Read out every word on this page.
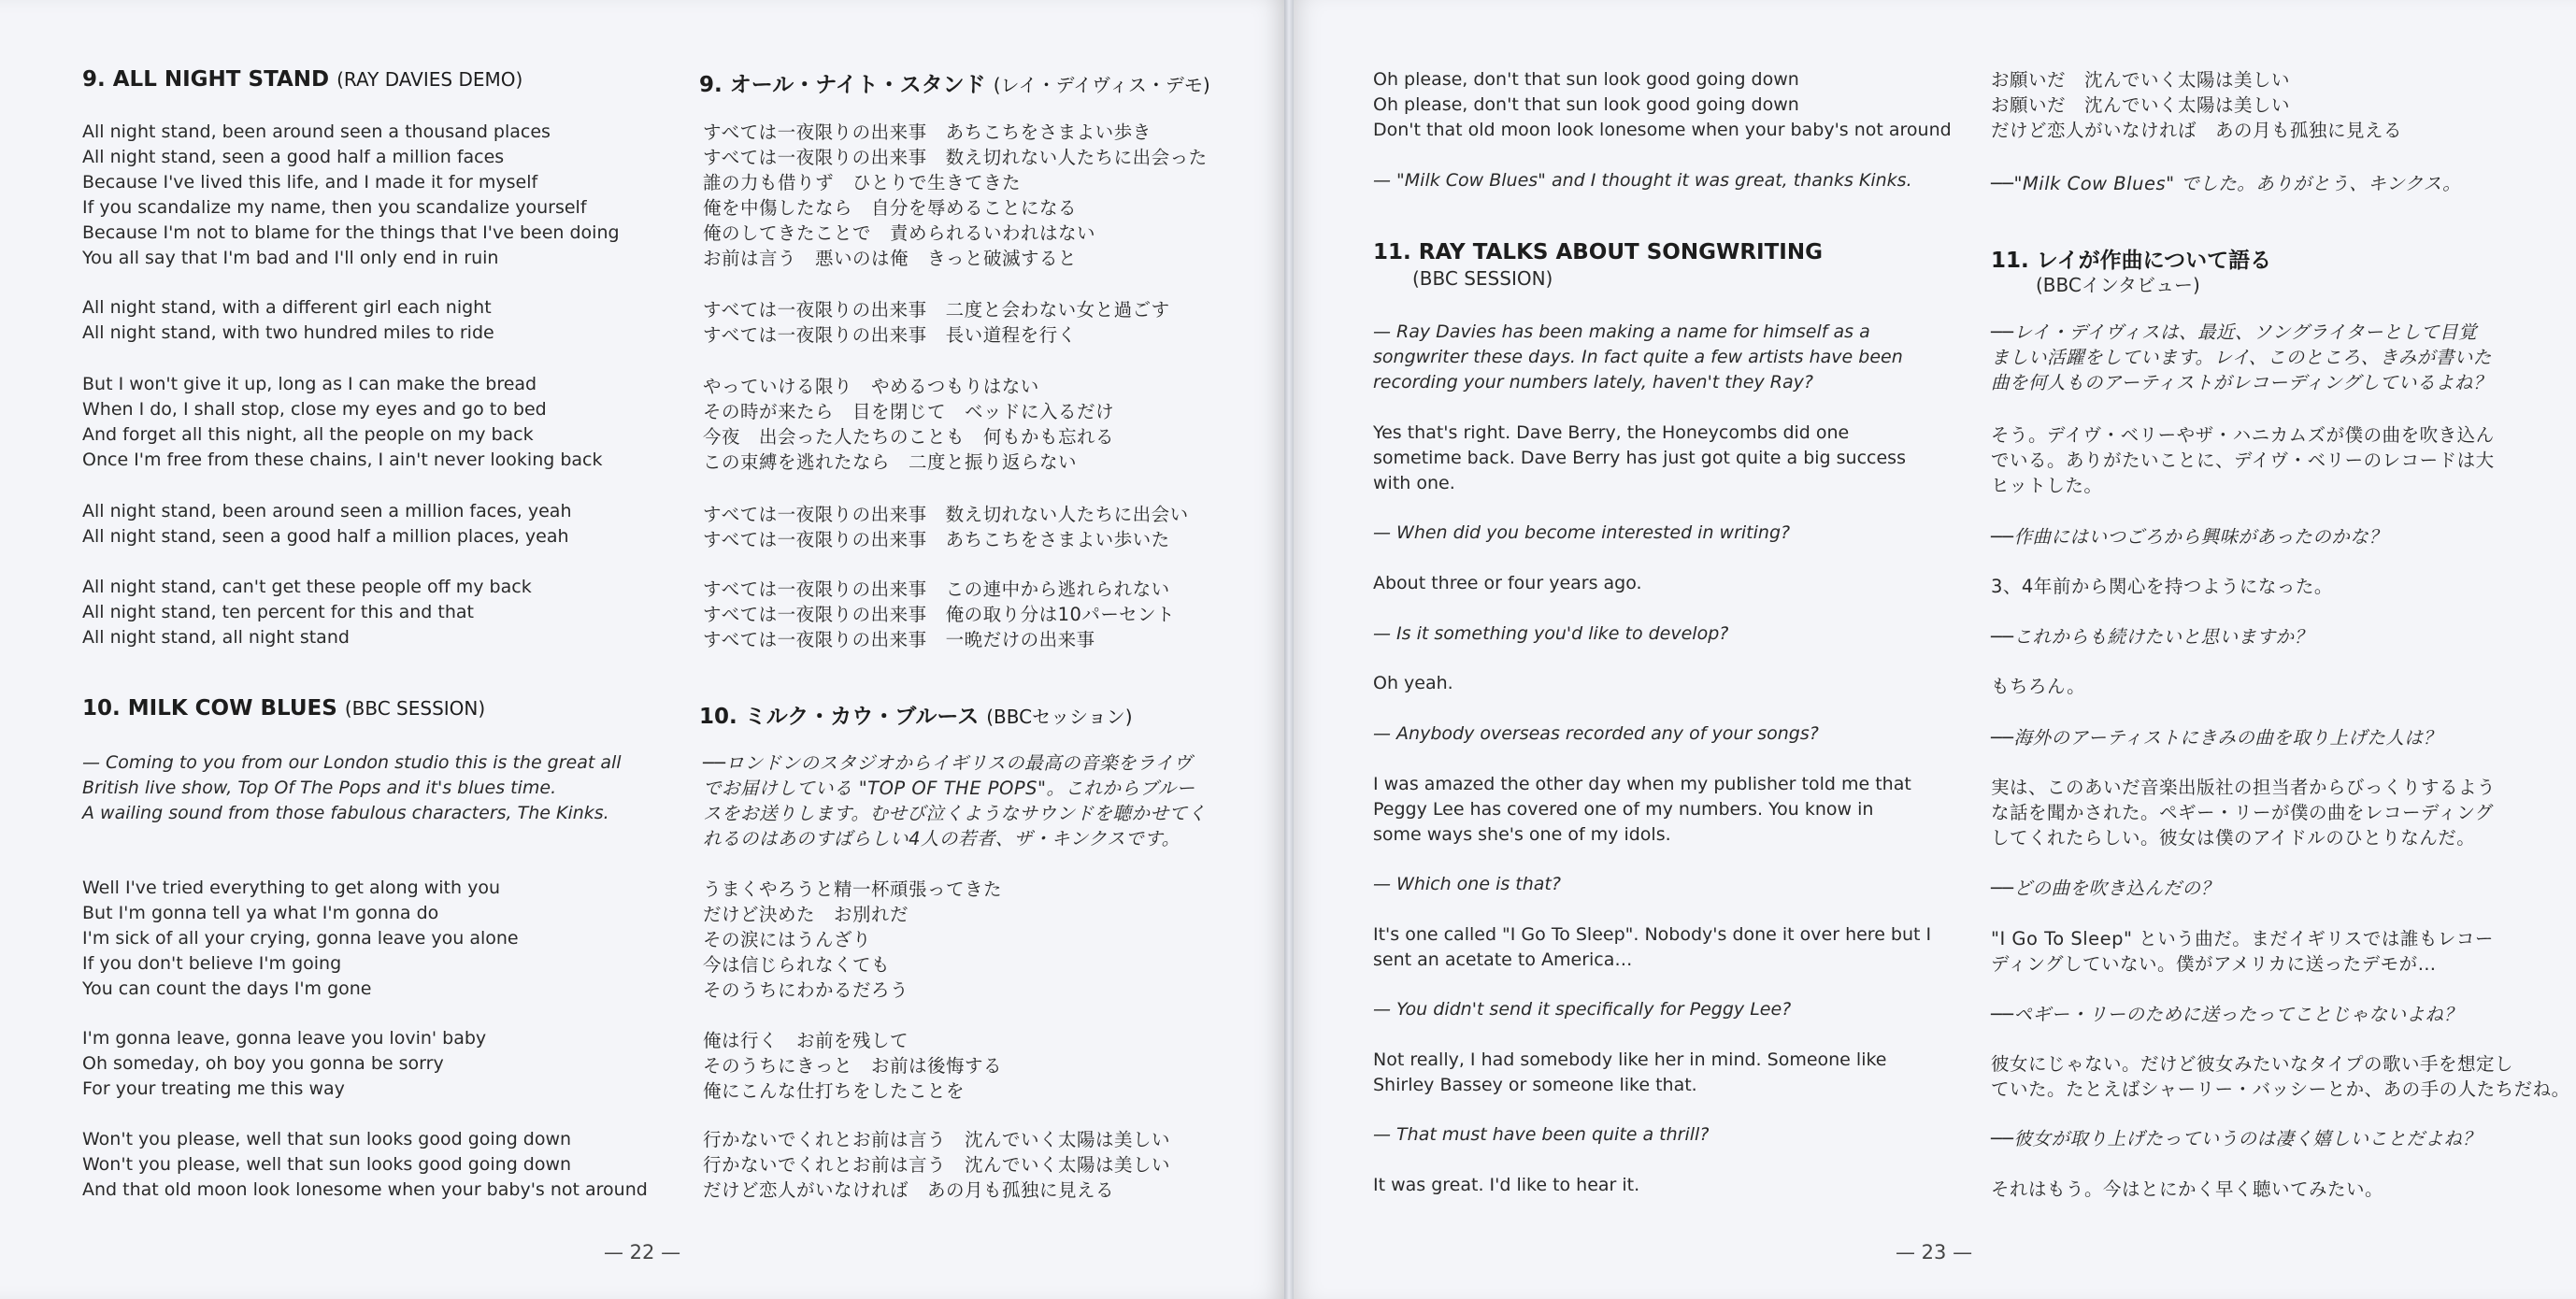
9. ALL NIGHT STAND (RAY DAVIES DEMO)
All night stand, been around seen a thousand places
All night stand, seen a good half a million faces
Because I've lived this life, and I made it for myself
If you scandalize my name, then you scandalize yourself
Because I'm not to blame for the things that I've been doing
You all say that I'm bad and I'll only end in ruin
All night stand, with a different girl each night
All night stand, with two hundred miles to ride
But I won't give it up, long as I can make the bread
When I do, I shall stop, close my eyes and go to bed
And forget all this night, all the people on my back
Once I'm free from these chains, I ain't never looking back
All night stand, been around seen a million faces, yeah
All night stand, seen a good half a million places, yeah
All night stand, can't get these people off my back
All night stand, ten percent for this and that
All night stand, all night stand
10. MILK COW BLUES (BBC SESSION)
— Coming to you from our London studio this is the great all
British live show, Top Of The Pops and it's blues time.
A wailing sound from those fabulous characters, The Kinks.
Well I've tried everything to get along with you
But I'm gonna tell ya what I'm gonna do
I'm sick of all your crying, gonna leave you alone
If you don't believe I'm going
You can count the days I'm gone
I'm gonna leave, gonna leave you lovin' baby
Oh someday, oh boy you gonna be sorry
For your treating me this way
Won't you please, well that sun looks good going down
Won't you please, well that sun looks good going down
And that old moon look lonesome when your baby's not around
9. オール・ナイト・スタンド (レイ・デイヴィス・デモ)
すべては一夜限りの出来事　あちこちをさまよい歩き
すべては一夜限りの出来事　数え切れない人たちに出会った
誰の力も借りず　ひとりで生きてきた
俺を中傷したなら　自分を辱めることになる
俺のしてきたことで　責められるいわれはない
お前は言う　悪いのは俺　きっと破滅すると
すべては一夜限りの出来事　二度と会わない女と過ごす
すべては一夜限りの出来事　長い道程を行く
やっていける限り　やめるつもりはない
その時が来たら　目を閉じて　ベッドに入るだけ
今夜　出会った人たちのことも　何もかも忘れる
この束縛を逃れたなら　二度と振り返らない
すべては一夜限りの出来事　数え切れない人たちに出会い
すべては一夜限りの出来事　あちこちをさまよい歩いた
すべては一夜限りの出来事　この連中から逃れられない
すべては一夜限りの出来事　俺の取り分は10パーセント
すべては一夜限りの出来事　一晩だけの出来事
10. ミルク・カウ・ブルース (BBCセッション)
──ロンドンのスタジオからイギリスの最高の音楽をライヴ
でお届けしている "TOP OF THE POPS"。これからブルー
スをお送りします。むせび泣くようなサウンドを聴かせてく
れるのはあのすばらしい4人の若者、ザ・キンクスです。
うまくやろうと精一杯頑張ってきた
だけど決めた　お別れだ
その涙にはうんざり
今は信じられなくても
そのうちにわかるだろう
俺は行く　お前を残して
そのうちにきっと　お前は後悔する
俺にこんな仕打ちをしたことを
行かないでくれとお前は言う　沈んでいく太陽は美しい
行かないでくれとお前は言う　沈んでいく太陽は美しい
だけど恋人がいなければ　あの月も孤独に見える
— 22 —
Oh please, don't that sun look good going down
Oh please, don't that sun look good going down
Don't that old moon look lonesome when your baby's not around
— "Milk Cow Blues" and I thought it was great, thanks Kinks.
11. RAY TALKS ABOUT SONGWRITING
(BBC SESSION)
— Ray Davies has been making a name for himself as a
songwriter these days. In fact quite a few artists have been
recording your numbers lately, haven't they Ray?
Yes that's right. Dave Berry, the Honeycombs did one
sometime back. Dave Berry has just got quite a big success
with one.
— When did you become interested in writing?
About three or four years ago.
— Is it something you'd like to develop?
Oh yeah.
— Anybody overseas recorded any of your songs?
I was amazed the other day when my publisher told me that
Peggy Lee has covered one of my numbers. You know in
some ways she's one of my idols.
— Which one is that?
It's one called "I Go To Sleep". Nobody's done it over here but I
sent an acetate to America…
— You didn't send it specifically for Peggy Lee?
Not really, I had somebody like her in mind. Someone like
Shirley Bassey or someone like that.
— That must have been quite a thrill?
It was great. I'd like to hear it.
お願いだ　沈んでいく太陽は美しい
お願いだ　沈んでいく太陽は美しい
だけど恋人がいなければ　あの月も孤独に見える
──"Milk Cow Blues" でした。ありがとう、キンクス。
11. レイが作曲について語る
(BBCインタビュー)
──レイ・デイヴィスは、最近、ソングライターとして目覚
ましい活躍をしています。レイ、このところ、きみが書いた
曲を何人ものアーティストがレコーディングしているよね？
そう。デイヴ・ベリーやザ・ハニカムズが僕の曲を吹き込ん
でいる。ありがたいことに、デイヴ・ベリーのレコードは大
ヒットした。
──作曲にはいつごろから興味があったのかな？
3、4年前から関心を持つようになった。
──これからも続けたいと思いますか？
もちろん。
──海外のアーティストにきみの曲を取り上げた人は？
実は、このあいだ音楽出版社の担当者からびっくりするよう
な話を聞かされた。ペギー・リーが僕の曲をレコーディング
してくれたらしい。彼女は僕のアイドルのひとりなんだ。
──どの曲を吹き込んだの？
"I Go To Sleep" という曲だ。まだイギリスでは誰もレコー
ディングしていない。僕がアメリカに送ったデモが…
──ペギー・リーのために送ったってことじゃないよね？
彼女にじゃない。だけど彼女みたいなタイプの歌い手を想定し
ていた。たとえばシャーリー・バッシーとか、あの手の人たちだね。
──彼女が取り上げたっていうのは凄く嬉しいことだよね？
それはもう。今はとにかく早く聴いてみたい。
— 23 —
